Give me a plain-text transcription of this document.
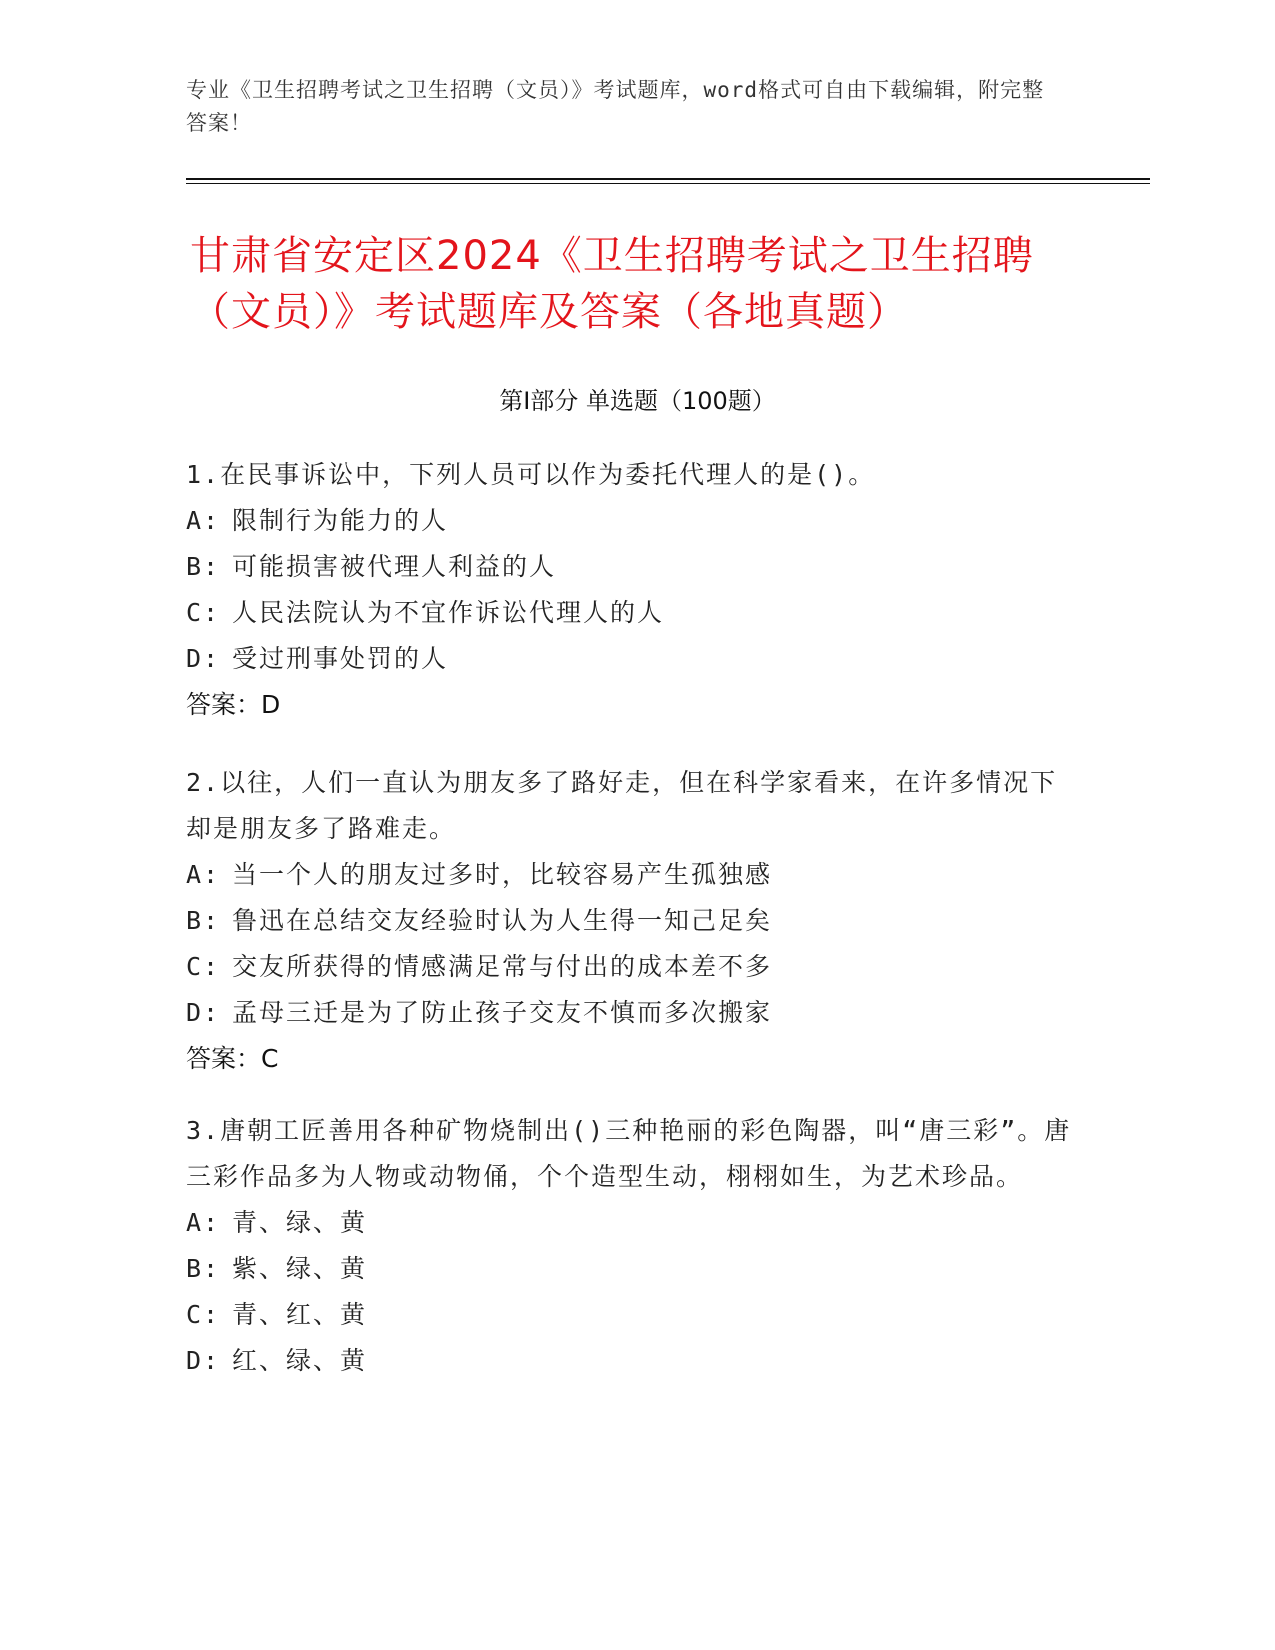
专业《卫生招聘考试之卫生招聘（文员）》考试题库，word格式可自由下载编辑，附完整答案！
甘肃省安定区2024《卫生招聘考试之卫生招聘（文员）》考试题库及答案（各地真题）
第Ⅰ部分 单选题（100题）
1.在民事诉讼中，下列人员可以作为委托代理人的是()。
A: 限制行为能力的人
B: 可能损害被代理人利益的人
C: 人民法院认为不宜作诉讼代理人的人
D: 受过刑事处罚的人
答案：D
2.以往，人们一直认为朋友多了路好走，但在科学家看来，在许多情况下却是朋友多了路难走。
A: 当一个人的朋友过多时，比较容易产生孤独感
B: 鲁迅在总结交友经验时认为人生得一知己足矣
C: 交友所获得的情感满足常与付出的成本差不多
D: 孟母三迁是为了防止孩子交友不慎而多次搬家
答案：C
3.唐朝工匠善用各种矿物烧制出()三种艳丽的彩色陶器，叫“唐三彩”。唐三彩作品多为人物或动物俑，个个造型生动，栩栩如生，为艺术珍品。
A: 青、绿、黄
B: 紫、绿、黄
C: 青、红、黄
D: 红、绿、黄
